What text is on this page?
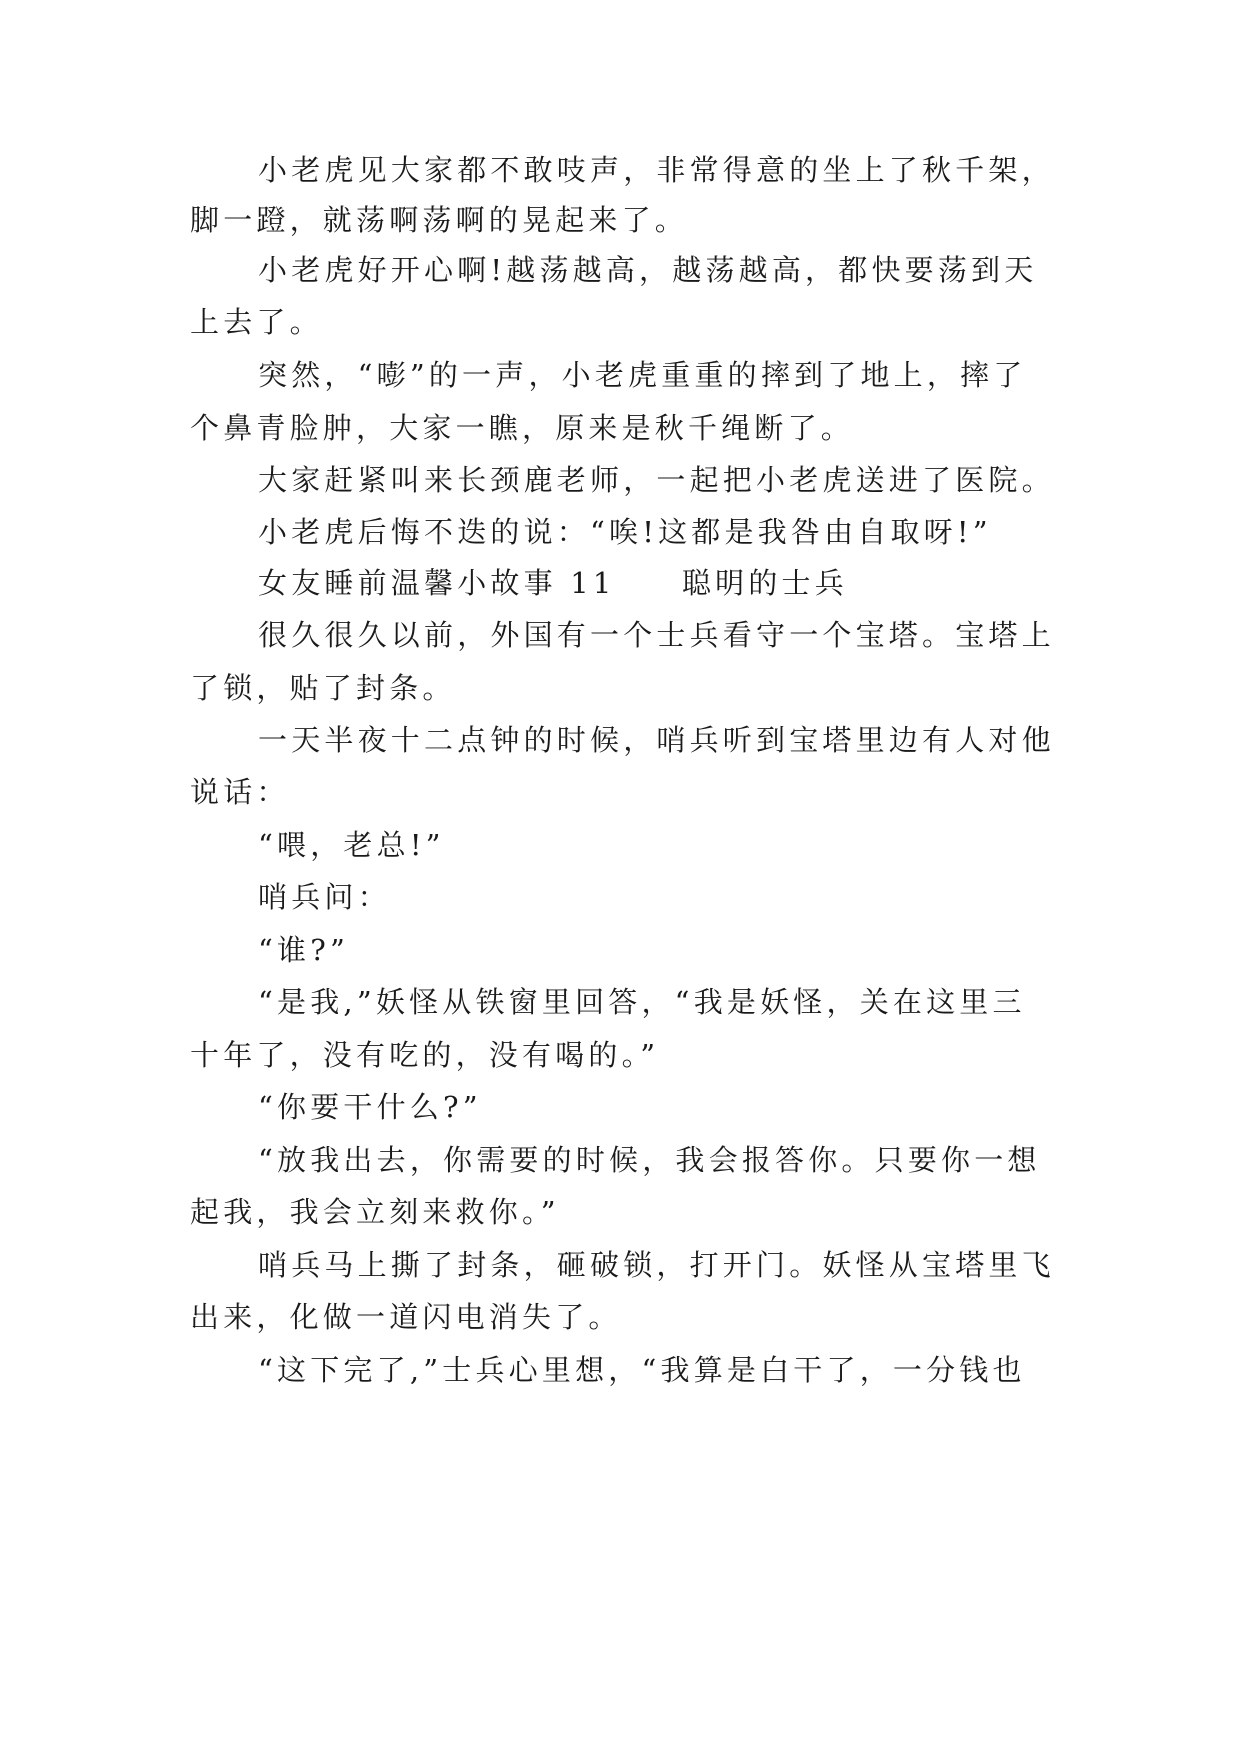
小老虎见大家都不敢吱声，非常得意的坐上了秋千架，

脚一蹬，就荡啊荡啊的晃起来了。

小老虎好开心啊!越荡越高，越荡越高，都快要荡到天

上去了。

突然，“嘭”的一声，小老虎重重的摔到了地上，摔了

个鼻青脸肿，大家一瞧，原来是秋千绳断了。

大家赶紧叫来长颈鹿老师，一起把小老虎送进了医院。

小老虎后悔不迭的说：“唉!这都是我咎由自取呀!”

女友睡前温馨小故事 11　　聪明的士兵

很久很久以前，外国有一个士兵看守一个宝塔。宝塔上

了锁，贴了封条。

一天半夜十二点钟的时候，哨兵听到宝塔里边有人对他

说话：

“喂，老总!”

哨兵问：

“谁?”

“是我,”妖怪从铁窗里回答，“我是妖怪，关在这里三

十年了，没有吃的，没有喝的。”

“你要干什么?”

“放我出去，你需要的时候，我会报答你。只要你一想

起我，我会立刻来救你。”

哨兵马上撕了封条，砸破锁，打开门。妖怪从宝塔里飞

出来，化做一道闪电消失了。

“这下完了,”士兵心里想，“我算是白干了，一分钱也
